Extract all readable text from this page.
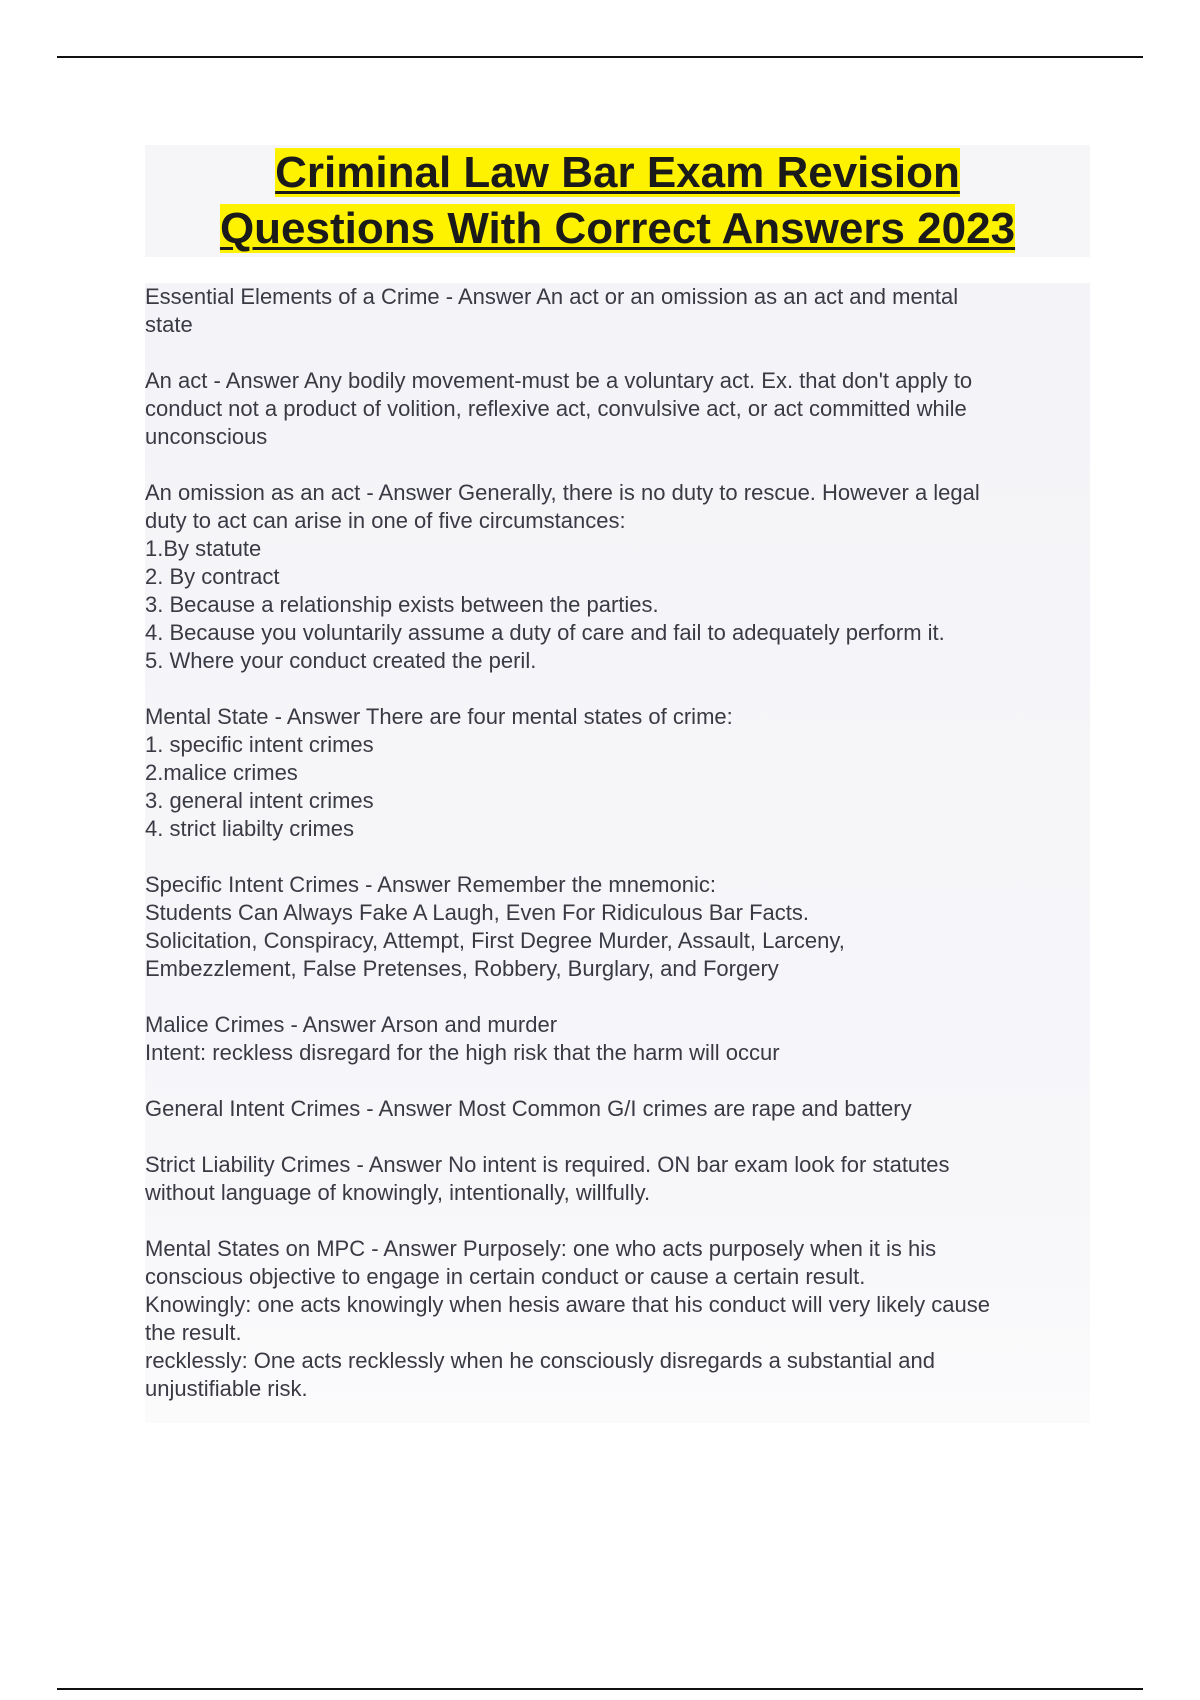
Criminal Law Bar Exam Revision
Questions With Correct Answers 2023
Essential Elements of a Crime - Answer An act or an omission as an act and mental
state
An act - Answer Any bodily movement-must be a voluntary act. Ex. that don't apply to
conduct not a product of volition, reflexive act, convulsive act, or act committed while
unconscious
An omission as an act - Answer Generally, there is no duty to rescue. However a legal
duty to act can arise in one of five circumstances:
1.By statute
2. By contract
3. Because a relationship exists between the parties.
4. Because you voluntarily assume a duty of care and fail to adequately perform it.
5. Where your conduct created the peril.
Mental State - Answer There are four mental states of crime:
1. specific intent crimes
2.malice crimes
3. general intent crimes
4. strict liabilty crimes
Specific Intent Crimes - Answer Remember the mnemonic:
Students Can Always Fake A Laugh, Even For Ridiculous Bar Facts.
Solicitation, Conspiracy, Attempt, First Degree Murder, Assault, Larceny,
Embezzlement, False Pretenses, Robbery, Burglary, and Forgery
Malice Crimes - Answer Arson and murder
Intent: reckless disregard for the high risk that the harm will occur
General Intent Crimes - Answer Most Common G/I crimes are rape and battery
Strict Liability Crimes - Answer No intent is required. ON bar exam look for statutes
without language of knowingly, intentionally, willfully.
Mental States on MPC - Answer Purposely: one who acts purposely when it is his
conscious objective to engage in certain conduct or cause a certain result.
Knowingly: one acts knowingly when hesis aware that his conduct will very likely cause
the result.
recklessly: One acts recklessly when he consciously disregards a substantial and
unjustifiable risk.
